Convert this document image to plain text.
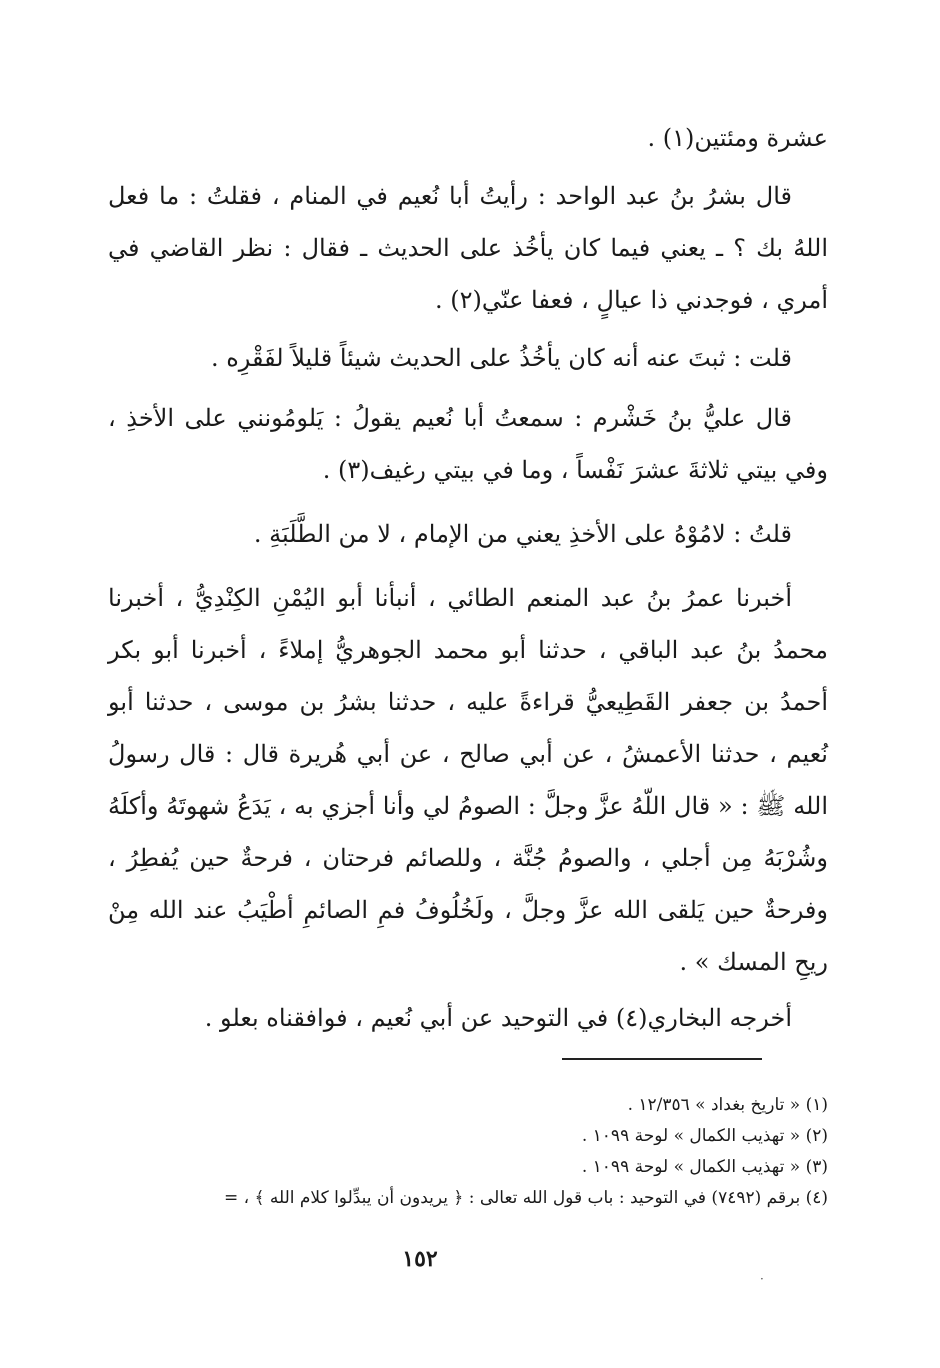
عشرة ومئتين(١) .

قال بشرُ بنُ عبد الواحد : رأيتُ أبا نُعيم في المنام ، فقلتُ : ما فعل اللهُ بك ؟ ـ يعني فيما كان يأخُذ على الحديث ـ فقال : نظر القاضي في أمري ، فوجدني ذا عيالٍ ، فعفا عنّي(٢) .

قلت : ثبتَ عنه أنه كان يأخُذُ على الحديث شيئاً قليلاً لفَقْرِه .

قال عليُّ بنُ خَشْرم : سمعتُ أبا نُعيم يقولُ : يَلومُونني على الأخذِ ، وفي بيتي ثلاثةَ عشرَ نَفْساً ، وما في بيتي رغيف(٣) .

قلتُ : لامُوْهُ على الأخذِ يعني من الإمام ، لا من الطَّلَبَةِ .

أخبرنا عمرُ بنُ عبد المنعم الطائي ، أنبأنا أبو اليُمْنِ الكِنْدِيُّ ، أخبرنا محمدُ بنُ عبد الباقي ، حدثنا أبو محمد الجوهريُّ إملاءً ، أخبرنا أبو بكر أحمدُ بن جعفر القَطِيعيُّ قراءةً عليه ، حدثنا بشرُ بن موسى ، حدثنا أبو نُعيم ، حدثنا الأعمشُ ، عن أبي صالح ، عن أبي هُريرة قال : قال رسولُ الله ﷺ : « قال اللّهُ عزَّ وجلَّ : الصومُ لي وأنا أجزي به ، يَدَعُ شهوتَهُ وأكلَهُ وشُرْبَهُ مِن أجلي ، والصومُ جُنَّة ، وللصائم فرحتان ، فرحةٌ حين يُفطِرُ ، وفرحةٌ حين يَلقى الله عزَّ وجلَّ ، ولَخُلُوفُ فمِ الصائمِ أطْيَبُ عند الله مِنْ ريحِ المسك » .

أخرجه البخاري(٤) في التوحيد عن أبي نُعيم ، فوافقناه بعلو .

(١) « تاريخ بغداد » ١٢/٣٥٦ .

(٢) « تهذيب الكمال » لوحة ١٠٩٩ .

(٣) « تهذيب الكمال » لوحة ١٠٩٩ .

(٤) برقم (٧٤٩٢) في التوحيد : باب قول الله تعالى : ﴿ يريدون أن يبدِّلوا كلام الله ﴾ ، =

١٥٢
·
